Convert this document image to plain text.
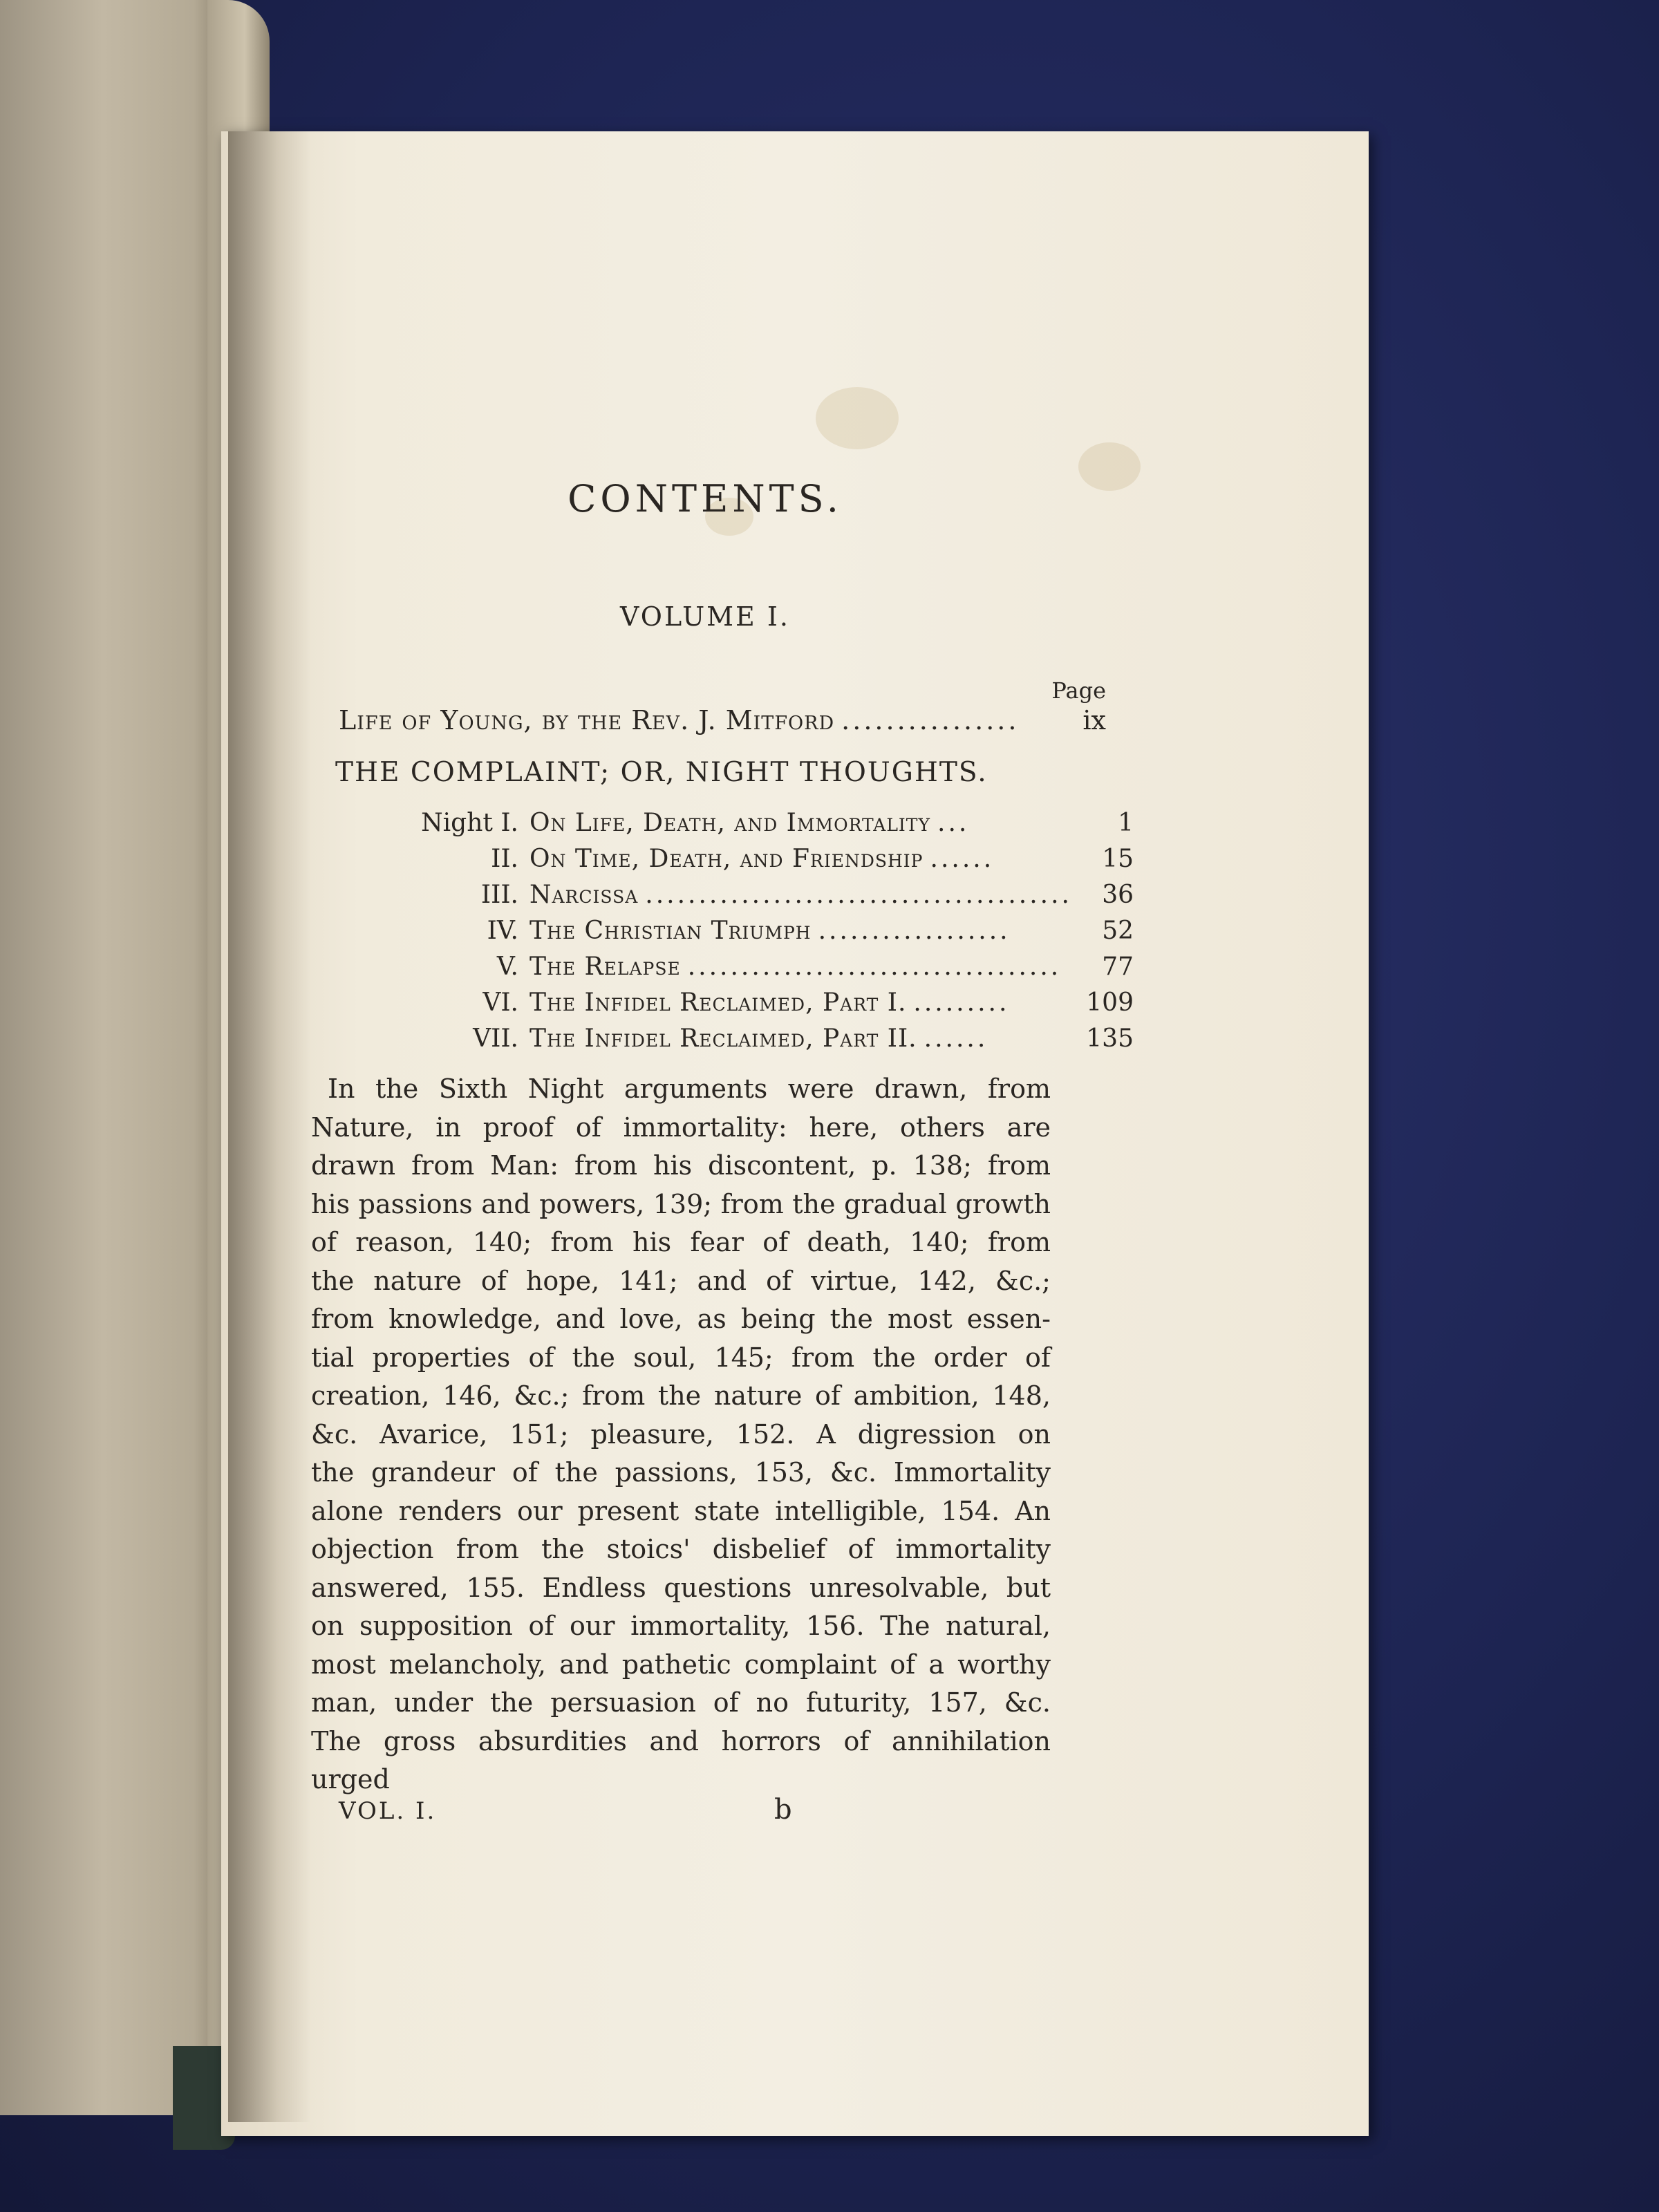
CONTENTS.
VOLUME I.
Page
Life of Young, by the Rev. J. Mitford ................	ix
THE COMPLAINT; OR, NIGHT THOUGHTS.
Night I. On Life, Death, and Immortality ...	1
II. On Time, Death, and Friendship ......	15
III. Narcissa ........................................	36
IV. The Christian Triumph ..................	52
V. The Relapse ...................................	77
VI. The Infidel Reclaimed, Part I. .........	109
VII. The Infidel Reclaimed, Part II. ......	135
In the Sixth Night arguments were drawn, from
Nature, in proof of immortality: here, others are
drawn from Man: from his discontent, p. 138; from
his passions and powers, 139; from the gradual growth
of reason, 140; from his fear of death, 140; from
the nature of hope, 141; and of virtue, 142, &c.;
from knowledge, and love, as being the most essen-
tial properties of the soul, 145; from the order of
creation, 146, &c.; from the nature of ambition, 148,
&c. Avarice, 151; pleasure, 152. A digression on
the grandeur of the passions, 153, &c. Immortality
alone renders our present state intelligible, 154. An
objection from the stoics' disbelief of immortality
answered, 155. Endless questions unresolvable, but
on supposition of our immortality, 156. The natural,
most melancholy, and pathetic complaint of a worthy
man, under the persuasion of no futurity, 157, &c.
The gross absurdities and horrors of annihilation urged
VOL. I.	b
